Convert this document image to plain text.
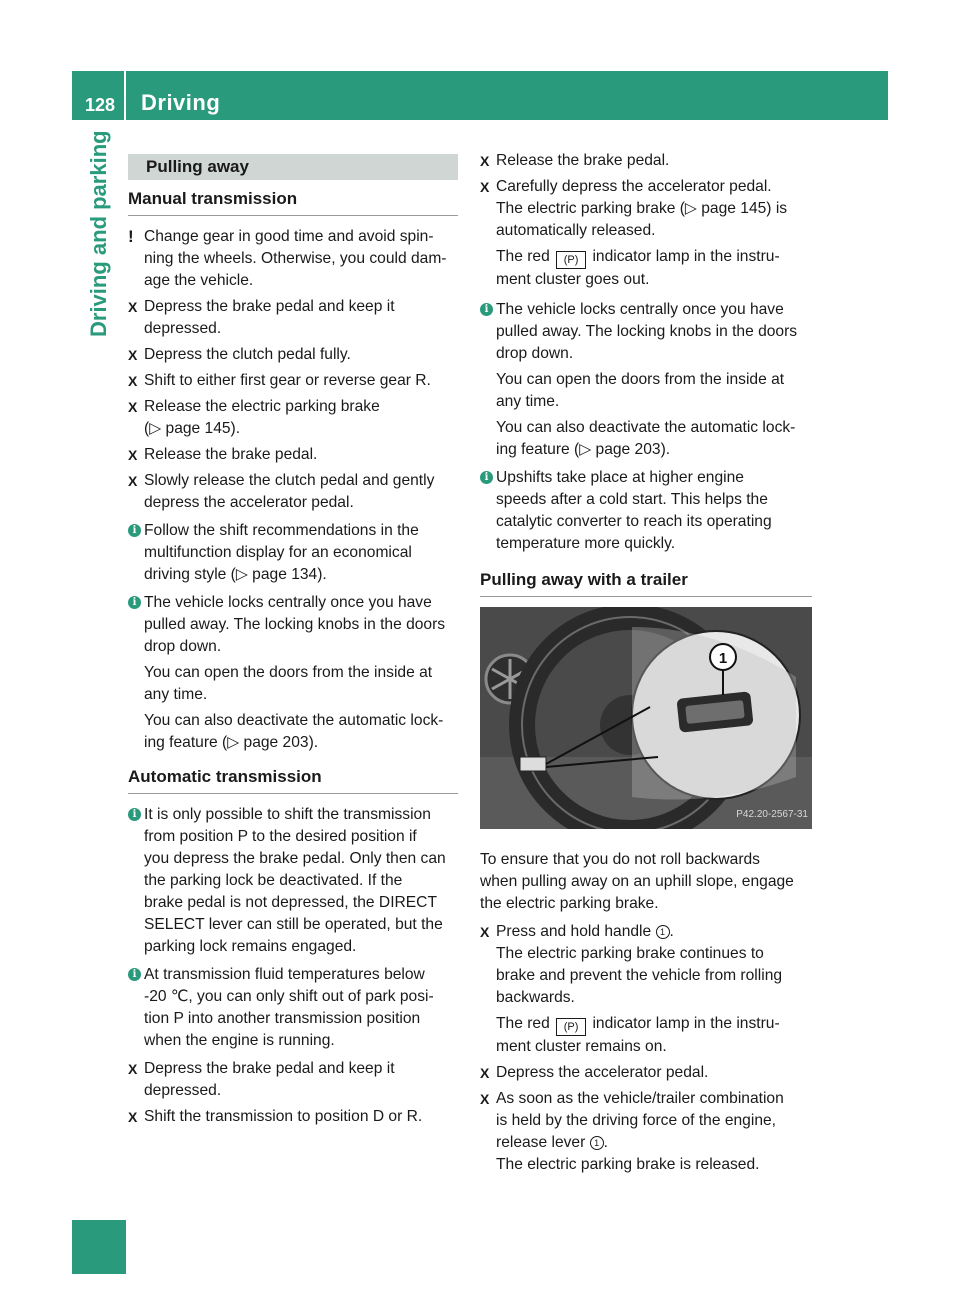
128	Driving
Driving and parking	Pulling away
Manual transmission
! Change gear in good time and avoid spin-
ning the wheels. Otherwise, you could dam-
age the vehicle.
X Depress the brake pedal and keep it
depressed.
X Depress the clutch pedal fully.
X Shift to either first gear or reverse gear R.
X Release the electric parking brake
(▷ page 145).
X Release the brake pedal.
X Slowly release the clutch pedal and gently
depress the accelerator pedal.
i Follow the shift recommendations in the
multifunction display for an economical
driving style (▷ page 134).
i The vehicle locks centrally once you have
pulled away. The locking knobs in the doors
drop down.
You can open the doors from the inside at
any time.
You can also deactivate the automatic lock-
ing feature (▷ page 203).
Automatic transmission
i It is only possible to shift the transmission
from position P to the desired position if
you depress the brake pedal. Only then can
the parking lock be deactivated. If the
brake pedal is not depressed, the DIRECT
SELECT lever can still be operated, but the
parking lock remains engaged.
i At transmission fluid temperatures below
-20 ℃, you can only shift out of park posi-
tion P into another transmission position
when the engine is running.
X Depress the brake pedal and keep it
depressed.
X Shift the transmission to position D or R.
X Release the brake pedal.
X Carefully depress the accelerator pedal.
The electric parking brake (▷ page 145) is
automatically released.
The red (P) indicator lamp in the instru-
ment cluster goes out.
i The vehicle locks centrally once you have
pulled away. The locking knobs in the doors
drop down.
You can open the doors from the inside at
any time.
You can also deactivate the automatic lock-
ing feature (▷ page 203).
i Upshifts take place at higher engine
speeds after a cold start. This helps the
catalytic converter to reach its operating
temperature more quickly.
Pulling away with a trailer
1
P42.20-2567-31
To ensure that you do not roll backwards
when pulling away on an uphill slope, engage
the electric parking brake.
X Press and hold handle 1 .
The electric parking brake continues to
brake and prevent the vehicle from rolling
backwards.
The red (P) indicator lamp in the instru-
ment cluster remains on.
X Depress the accelerator pedal.
X As soon as the vehicle/trailer combination
is held by the driving force of the engine,
release lever 1 .
The electric parking brake is released.
